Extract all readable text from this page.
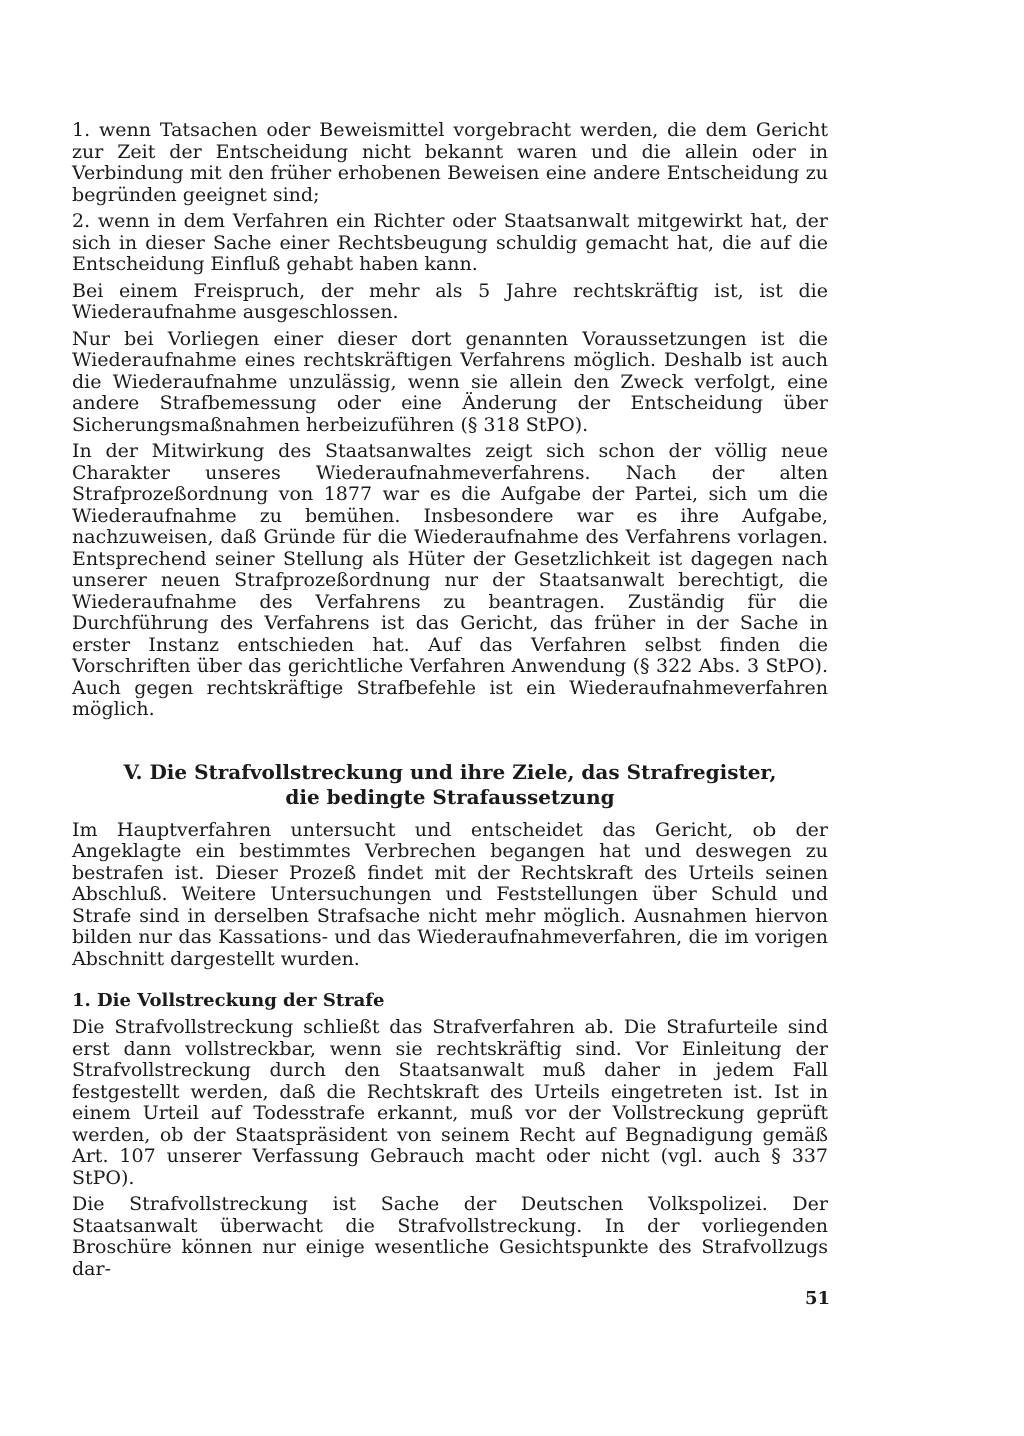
1. wenn Tatsachen oder Beweismittel vorgebracht werden, die dem Gericht zur Zeit der Entscheidung nicht bekannt waren und die allein oder in Verbindung mit den früher erhobenen Beweisen eine andere Entscheidung zu begründen geeignet sind;

2. wenn in dem Verfahren ein Richter oder Staatsanwalt mitgewirkt hat, der sich in dieser Sache einer Rechtsbeugung schuldig gemacht hat, die auf die Entscheidung Einfluß gehabt haben kann.

Bei einem Freispruch, der mehr als 5 Jahre rechtskräftig ist, ist die Wiederaufnahme ausgeschlossen.

Nur bei Vorliegen einer dieser dort genannten Voraussetzungen ist die Wiederaufnahme eines rechtskräftigen Verfahrens möglich. Deshalb ist auch die Wiederaufnahme unzulässig, wenn sie allein den Zweck verfolgt, eine andere Strafbemessung oder eine Änderung der Entscheidung über Sicherungsmaßnahmen herbeizuführen (§ 318 StPO).

In der Mitwirkung des Staatsanwaltes zeigt sich schon der völlig neue Charakter unseres Wiederaufnahmeverfahrens. Nach der alten Strafprozeßordnung von 1877 war es die Aufgabe der Partei, sich um die Wiederaufnahme zu bemühen. Insbesondere war es ihre Aufgabe, nachzuweisen, daß Gründe für die Wiederaufnahme des Verfahrens vorlagen. Entsprechend seiner Stellung als Hüter der Gesetzlichkeit ist dagegen nach unserer neuen Strafprozeßordnung nur der Staatsanwalt berechtigt, die Wiederaufnahme des Verfahrens zu beantragen. Zuständig für die Durchführung des Verfahrens ist das Gericht, das früher in der Sache in erster Instanz entschieden hat. Auf das Verfahren selbst finden die Vorschriften über das gerichtliche Verfahren Anwendung (§ 322 Abs. 3 StPO). Auch gegen rechtskräftige Strafbefehle ist ein Wiederaufnahmeverfahren möglich.

V. Die Strafvollstreckung und ihre Ziele, das Strafregister,
die bedingte Strafaussetzung

Im Hauptverfahren untersucht und entscheidet das Gericht, ob der Angeklagte ein bestimmtes Verbrechen begangen hat und deswegen zu bestrafen ist. Dieser Prozeß findet mit der Rechtskraft des Urteils seinen Abschluß. Weitere Untersuchungen und Feststellungen über Schuld und Strafe sind in derselben Strafsache nicht mehr möglich. Ausnahmen hiervon bilden nur das Kassations- und das Wiederaufnahmeverfahren, die im vorigen Abschnitt dargestellt wurden.

1. Die Vollstreckung der Strafe

Die Strafvollstreckung schließt das Strafverfahren ab. Die Strafurteile sind erst dann vollstreckbar, wenn sie rechtskräftig sind. Vor Einleitung der Strafvollstreckung durch den Staatsanwalt muß daher in jedem Fall festgestellt werden, daß die Rechtskraft des Urteils eingetreten ist. Ist in einem Urteil auf Todesstrafe erkannt, muß vor der Vollstreckung geprüft werden, ob der Staatspräsident von seinem Recht auf Begnadigung gemäß Art. 107 unserer Verfassung Gebrauch macht oder nicht (vgl. auch § 337 StPO).

Die Strafvollstreckung ist Sache der Deutschen Volkspolizei. Der Staatsanwalt überwacht die Strafvollstreckung. In der vorliegenden Broschüre können nur einige wesentliche Gesichtspunkte des Strafvollzugs dar-

51
